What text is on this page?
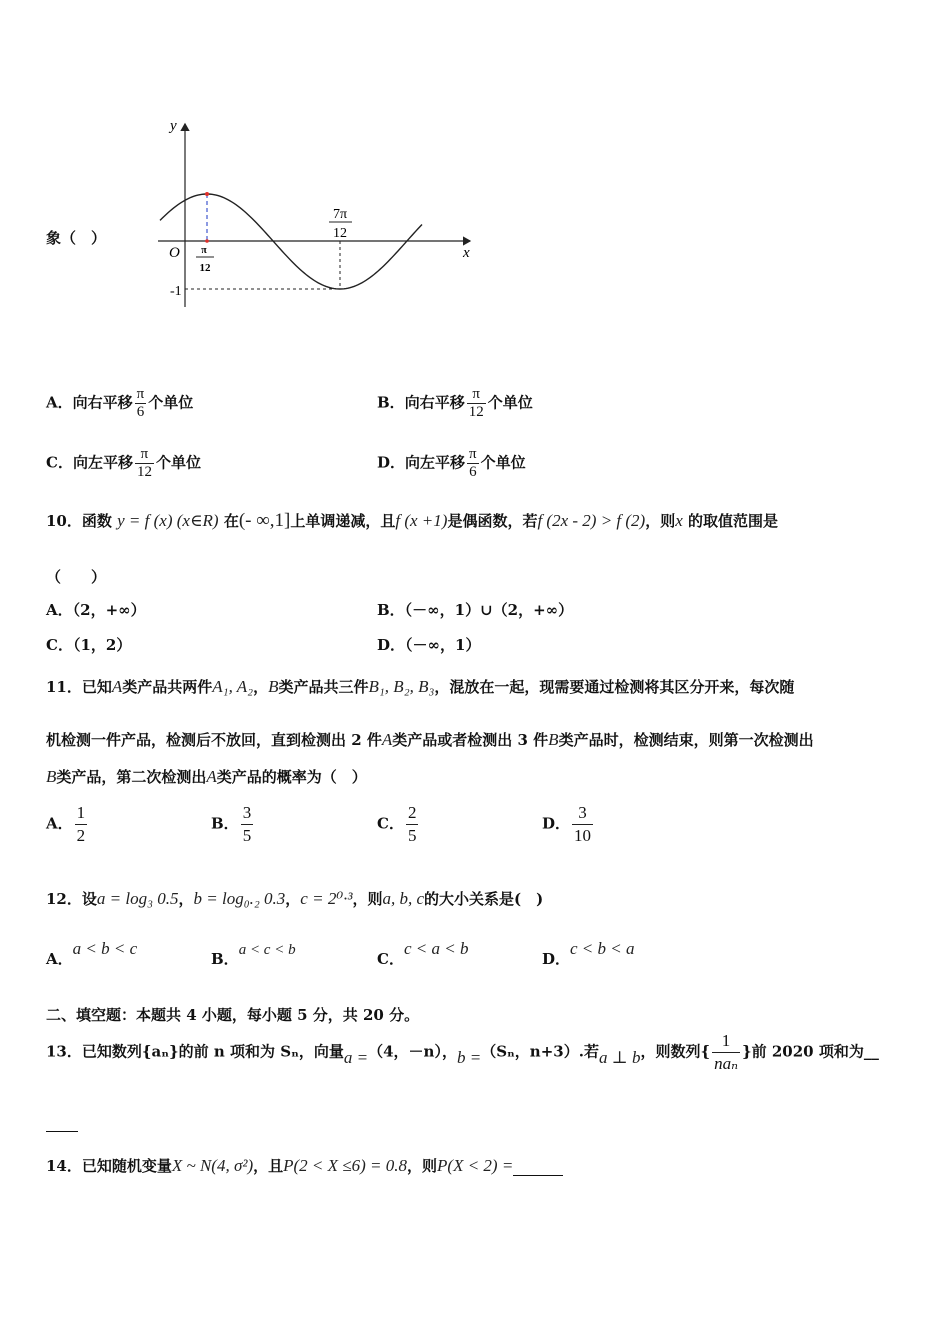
象（　）
y
x
O π
12
7π
12
-1
A．向右平移 $\frac{\pi}{6}$ 个单位	B．向右平移 $\frac{\pi}{12}$ 个单位
C．向左平移 $\frac{\pi}{12}$ 个单位	D．向左平移 $\frac{\pi}{6}$ 个单位
10．函数 y = f (x) (x∈R) 在(- ∞,1]上单调递减，且f (x +1)是偶函数，若f (2x - 2) > f (2)，则x 的取值范围是
（　　）
A．（2，+∞）	B．（－∞，1）∪（2，+∞）
C．（1，2）	D．（－∞，1）
11．已知A类产品共两件A₁, A₂，B类产品共三件B₁, B₂, B₃，混放在一起，现需要通过检测将其区分开来，每次随
机检测一件产品，检测后不放回，直到检测出 2 件A类产品或者检测出 3 件B类产品时，检测结束，则第一次检测出
B类产品，第二次检测出A类产品的概率为（　）
A． $\frac{1}{2}$	B． $\frac{3}{5}$	C． $\frac{2}{5}$	D． $\frac{3}{10}$
12．设a = log₃ 0.5，b = log₀.₂ 0.3，c = 2⁰·³，则a, b, c的大小关系是(　)
A．a < b < c
B．a < c < b	C．c < a < b
D．c < b < a
二、填空题：本题共 4 小题，每小题 5 分，共 20 分。
13．已知数列{aₙ}的前 n 项和为 Sₙ，向量a =（4，－n），b =（Sₙ，n+3）.若a ⊥ b，则数列{ $\frac{1}{\text{naₙ}}$ }前 2020 项和为__
14．已知随机变量X ~ N(4, σ²)，且P(2 < X ≤6) = 0.8，则P(X < 2) =
